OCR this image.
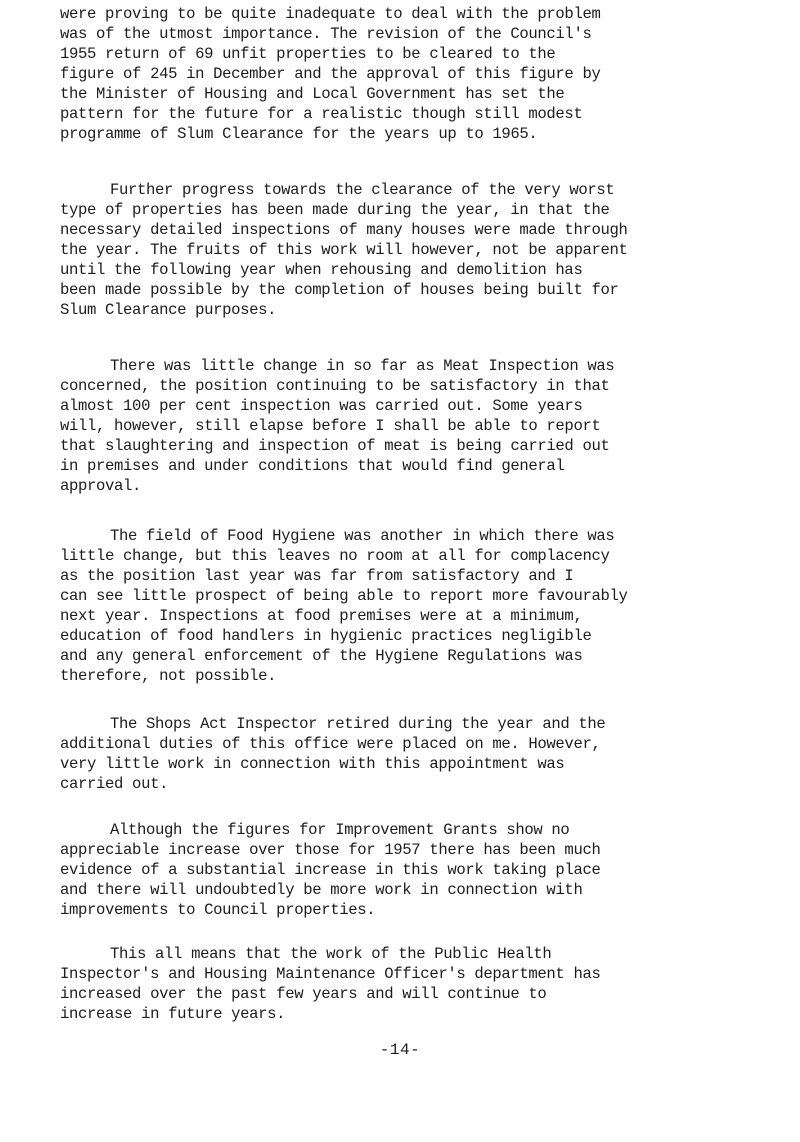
were proving to be quite inadequate to deal with the problem
was of the utmost importance. The revision of the Council's
1955 return of 69 unfit properties to be cleared to the
figure of 245 in December and the approval of this figure by
the Minister of Housing and Local Government has set the
pattern for the future for a realistic though still modest
programme of Slum Clearance for the years up to 1965.

Further progress towards the clearance of the very worst
type of properties has been made during the year, in that the
necessary detailed inspections of many houses were made through
the year. The fruits of this work will however, not be apparent
until the following year when rehousing and demolition has
been made possible by the completion of houses being built for
Slum Clearance purposes.

There was little change in so far as Meat Inspection was
concerned, the position continuing to be satisfactory in that
almost 100 per cent inspection was carried out. Some years
will, however, still elapse before I shall be able to report
that slaughtering and inspection of meat is being carried out
in premises and under conditions that would find general
approval.

The field of Food Hygiene was another in which there was
little change, but this leaves no room at all for complacency
as the position last year was far from satisfactory and I
can see little prospect of being able to report more favourably
next year. Inspections at food premises were at a minimum,
education of food handlers in hygienic practices negligible
and any general enforcement of the Hygiene Regulations was
therefore, not possible.

The Shops Act Inspector retired during the year and the
additional duties of this office were placed on me. However,
very little work in connection with this appointment was
carried out.

Although the figures for Improvement Grants show no
appreciable increase over those for 1957 there has been much
evidence of a substantial increase in this work taking place
and there will undoubtedly be more work in connection with
improvements to Council properties.

This all means that the work of the Public Health
Inspector's and Housing Maintenance Officer's department has
increased over the past few years and will continue to
increase in future years.

-14-
